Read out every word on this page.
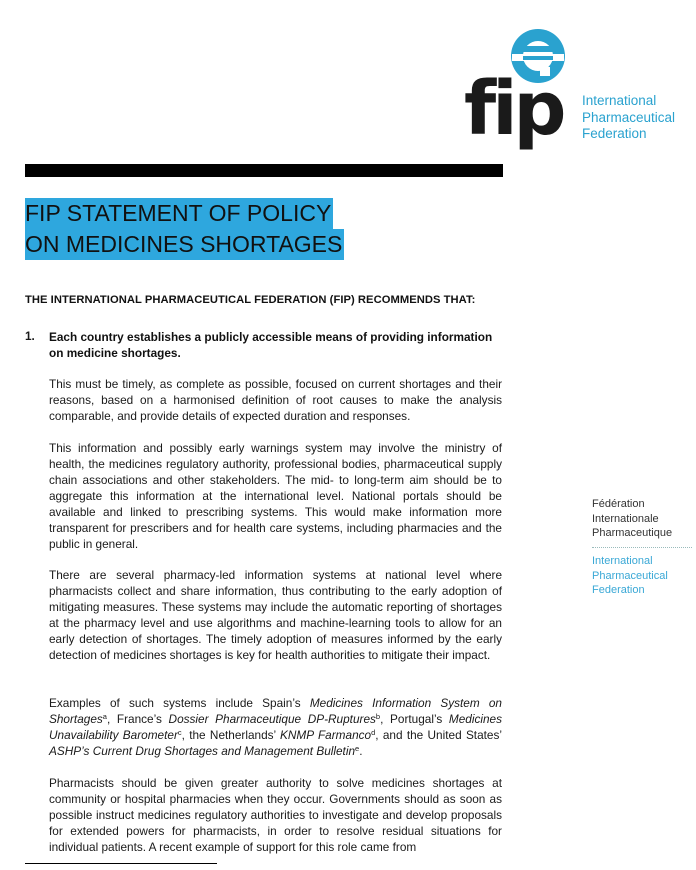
fip International
Pharmaceutical
Federation
FIP STATEMENT OF POLICY
ON MEDICINES SHORTAGES
THE INTERNATIONAL PHARMACEUTICAL FEDERATION (FIP) RECOMMENDS THAT:
1. Each country establishes a publicly accessible means of providing information on medicine shortages.
This must be timely, as complete as possible, focused on current shortages and their reasons, based on a harmonised definition of root causes to make the analysis comparable, and provide details of expected duration and responses.
This information and possibly early warnings system may involve the ministry of health, the medicines regulatory authority, professional bodies, pharmaceutical supply chain associations and other stakeholders. The mid- to long-term aim should be to aggregate this information at the international level. National portals should be available and linked to prescribing systems. This would make information more transparent for prescribers and for health care systems, including pharmacies and the public in general.
There are several pharmacy-led information systems at national level where pharmacists collect and share information, thus contributing to the early adoption of mitigating measures. These systems may include the automatic reporting of shortages at the pharmacy level and use algorithms and machine-learning tools to allow for an early detection of shortages. The timely adoption of measures informed by the early detection of medicines shortages is key for health authorities to mitigate their impact.
Examples of such systems include Spain’s Medicines Information System on Shortages$^a$, France’s Dossier Pharmaceutique DP-Ruptures$^b$, Portugal’s Medicines Unavailability Barometer$^c$, the Netherlands’ KNMP Farmanco$^d$, and the United States’ ASHP’s Current Drug Shortages and Management Bulletin$^e$.
Pharmacists should be given greater authority to solve medicines shortages at community or hospital pharmacies when they occur. Governments should as soon as possible instruct medicines regulatory authorities to investigate and develop proposals for extended powers for pharmacists, in order to resolve residual situations for individual patients. A recent example of support for this role came from
Fédération
Internationale
Pharmaceutique
International
Pharmaceutical
Federation
